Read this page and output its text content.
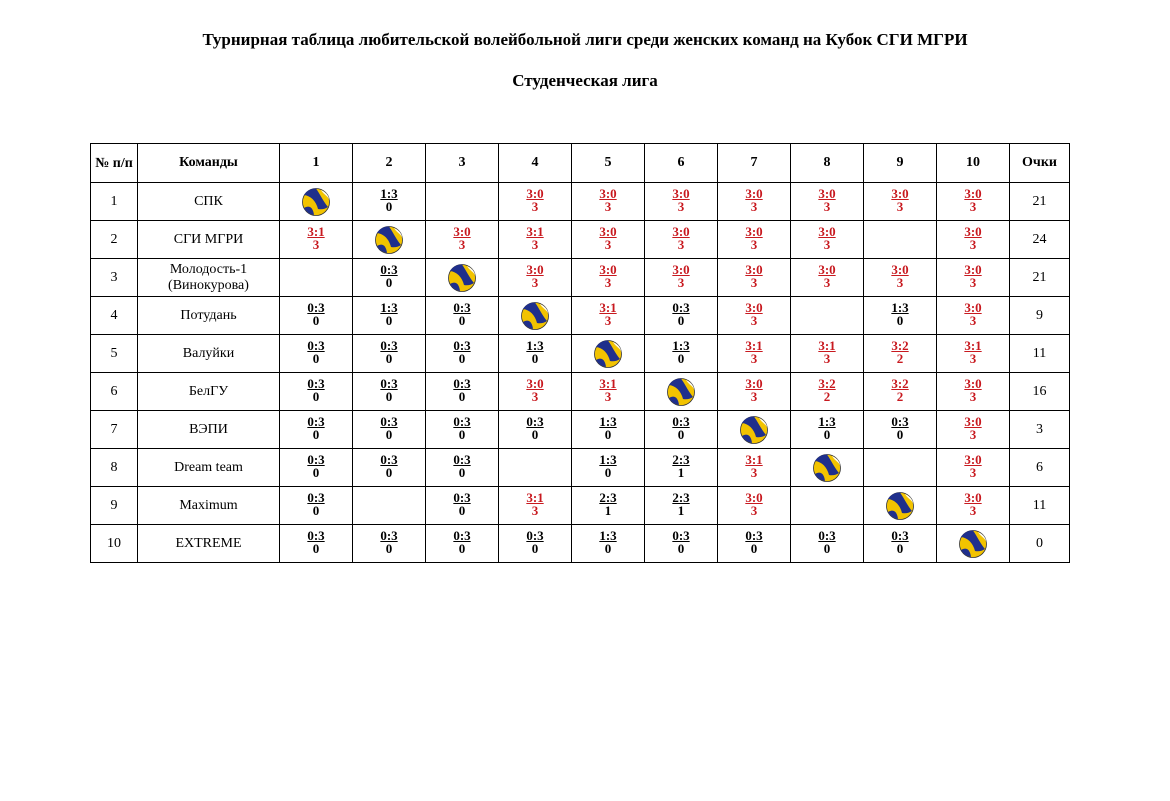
Турнирная таблица любительской волейбольной лиги среди женских команд на Кубок СГИ МГРИ
Студенческая лига
№ п/п	Команды	1	2	3	4	5	6	7	8	9	10	Очки
1	СПК		$\frac{1:3}{0}$		$\frac{3:0}{3}$	$\frac{3:0}{3}$	$\frac{3:0}{3}$	$\frac{3:0}{3}$	$\frac{3:0}{3}$	$\frac{3:0}{3}$	$\frac{3:0}{3}$	21
2	СГИ МГРИ	$\frac{3:1}{3}$		$\frac{3:0}{3}$	$\frac{3:1}{3}$	$\frac{3:0}{3}$	$\frac{3:0}{3}$	$\frac{3:0}{3}$	$\frac{3:0}{3}$		$\frac{3:0}{3}$	24
3	Молодость-1 (Винокурова)		$\frac{0:3}{0}$		$\frac{3:0}{3}$	$\frac{3:0}{3}$	$\frac{3:0}{3}$	$\frac{3:0}{3}$	$\frac{3:0}{3}$	$\frac{3:0}{3}$	$\frac{3:0}{3}$	21
4	Потудань	$\frac{0:3}{0}$	$\frac{1:3}{0}$	$\frac{0:3}{0}$		$\frac{3:1}{3}$	$\frac{0:3}{0}$	$\frac{3:0}{3}$		$\frac{1:3}{0}$	$\frac{3:0}{3}$	9
5	Валуйки	$\frac{0:3}{0}$	$\frac{0:3}{0}$	$\frac{0:3}{0}$	$\frac{1:3}{0}$		$\frac{1:3}{0}$	$\frac{3:1}{3}$	$\frac{3:1}{3}$	$\frac{3:2}{2}$	$\frac{3:1}{3}$	11
6	БелГУ	$\frac{0:3}{0}$	$\frac{0:3}{0}$	$\frac{0:3}{0}$	$\frac{3:0}{3}$	$\frac{3:1}{3}$		$\frac{3:0}{3}$	$\frac{3:2}{2}$	$\frac{3:2}{2}$	$\frac{3:0}{3}$	16
7	ВЭПИ	$\frac{0:3}{0}$	$\frac{0:3}{0}$	$\frac{0:3}{0}$	$\frac{0:3}{0}$	$\frac{1:3}{0}$	$\frac{0:3}{0}$		$\frac{1:3}{0}$	$\frac{0:3}{0}$	$\frac{3:0}{3}$	3
8	Dream team	$\frac{0:3}{0}$	$\frac{0:3}{0}$	$\frac{0:3}{0}$		$\frac{1:3}{0}$	$\frac{2:3}{1}$	$\frac{3:1}{3}$			$\frac{3:0}{3}$	6
9	Maximum	$\frac{0:3}{0}$		$\frac{0:3}{0}$	$\frac{3:1}{3}$	$\frac{2:3}{1}$	$\frac{2:3}{1}$	$\frac{3:0}{3}$			$\frac{3:0}{3}$	11
10	EXTREME	$\frac{0:3}{0}$	$\frac{0:3}{0}$	$\frac{0:3}{0}$	$\frac{0:3}{0}$	$\frac{1:3}{0}$	$\frac{0:3}{0}$	$\frac{0:3}{0}$	$\frac{0:3}{0}$	$\frac{0:3}{0}$		0
